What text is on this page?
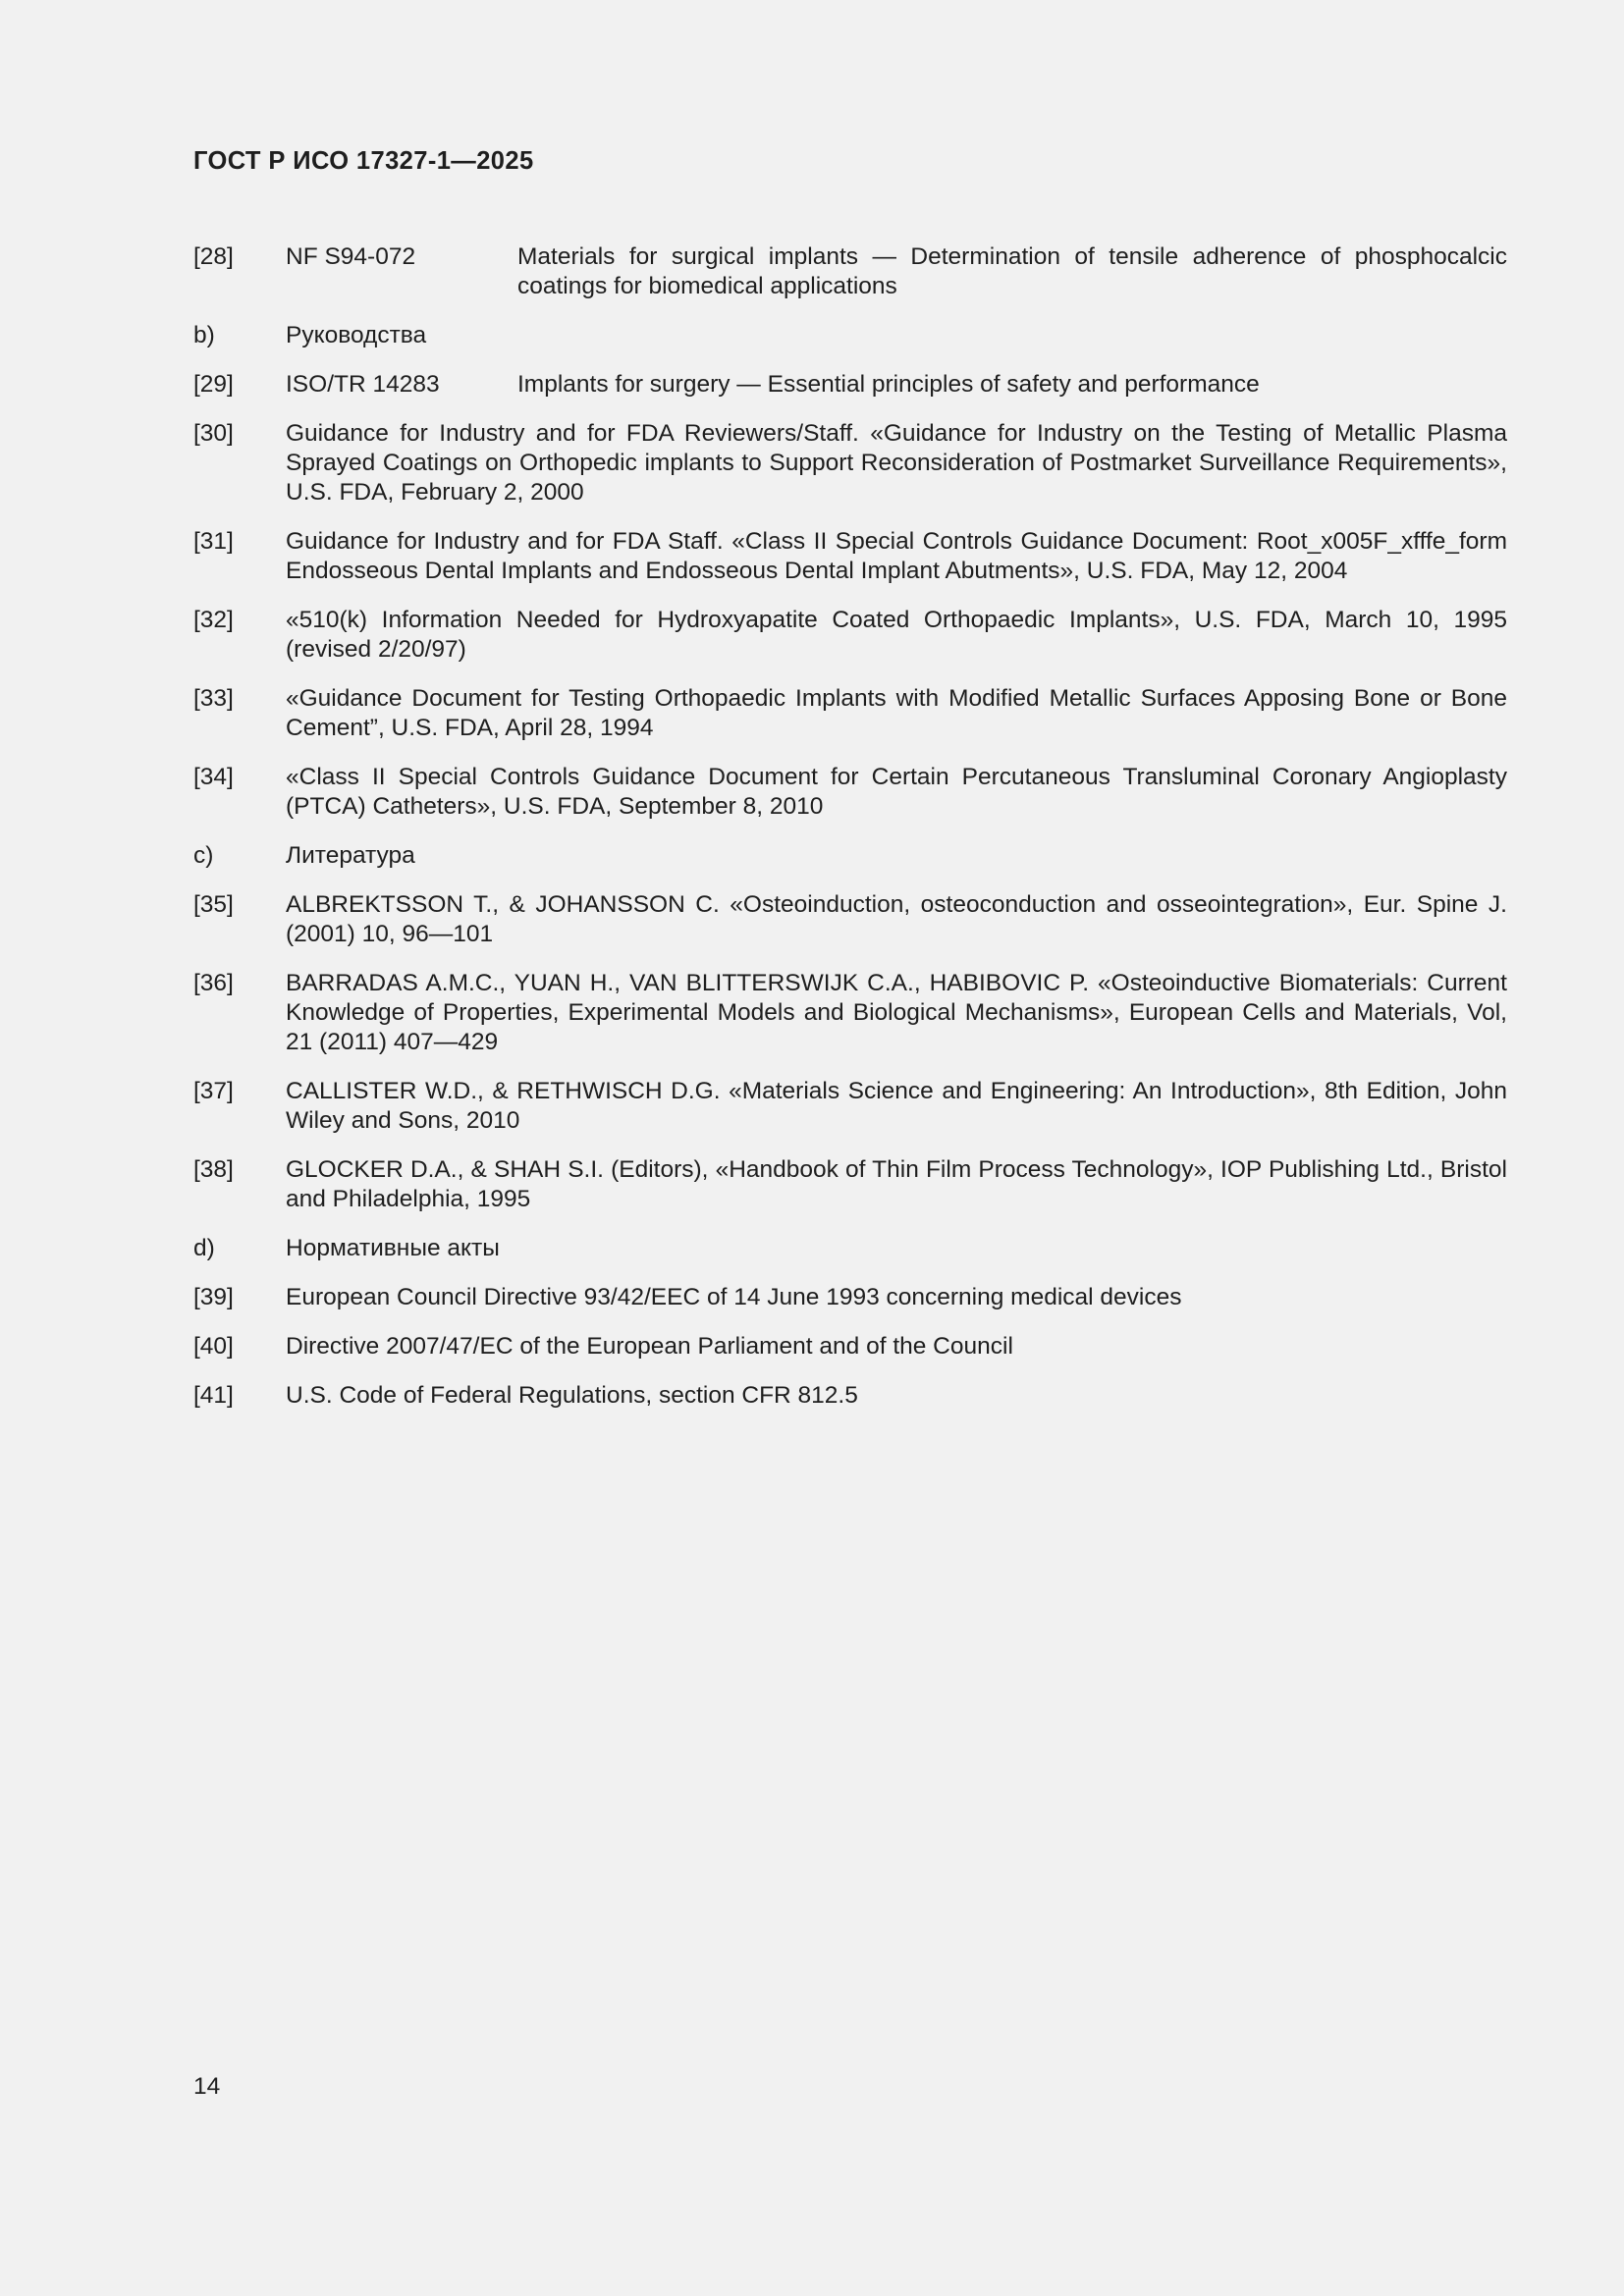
ГОСТ Р ИСО 17327-1—2025
[28]	NF S94-072	Materials for surgical implants — Determination of tensile adherence of phosphocalcic coatings for biomedical applications
b)	Руководства
[29]	ISO/TR 14283	Implants for surgery — Essential principles of safety and performance
[30]	Guidance for Industry and for FDA Reviewers/Staff. «Guidance for Industry on the Testing of Metallic Plasma Sprayed Coatings on Orthopedic implants to Support Reconsideration of Postmarket Surveillance Requirements», U.S. FDA, February 2, 2000
[31]	Guidance for Industry and for FDA Staff. «Class II Special Controls Guidance Document: Root_x005F_xfffe_form Endosseous Dental Implants and Endosseous Dental Implant Abutments», U.S. FDA, May 12, 2004
[32]	«510(k) Information Needed for Hydroxyapatite Coated Orthopaedic Implants», U.S. FDA, March 10, 1995 (revised 2/20/97)
[33]	«Guidance Document for Testing Orthopaedic Implants with Modified Metallic Surfaces Apposing Bone or Bone Cement”, U.S. FDA, April 28, 1994
[34]	«Class II Special Controls Guidance Document for Certain Percutaneous Transluminal Coronary Angioplasty (PTCA) Catheters», U.S. FDA, September 8, 2010
c)	Литература
[35]	ALBREKTSSON T., & JOHANSSON C. «Osteoinduction, osteoconduction and osseointegration», Eur. Spine J. (2001) 10, 96—101
[36]	BARRADAS A.M.C., YUAN H., VAN BLITTERSWIJK C.A., HABIBOVIC P. «Osteoinductive Biomaterials: Current Knowledge of Properties, Experimental Models and Biological Mechanisms», European Cells and Materials, Vol, 21 (2011) 407—429
[37]	CALLISTER W.D., & RETHWISCH D.G. «Materials Science and Engineering: An Introduction», 8th Edition, John Wiley and Sons, 2010
[38]	GLOCKER D.A., & SHAH S.I. (Editors), «Handbook of Thin Film Process Technology», IOP Publishing Ltd., Bristol and Philadelphia, 1995
d)	Нормативные акты
[39]	European Council Directive 93/42/EEC of 14 June 1993 concerning medical devices
[40]	Directive 2007/47/EC of the European Parliament and of the Council
[41]	U.S. Code of Federal Regulations, section CFR 812.5
14
